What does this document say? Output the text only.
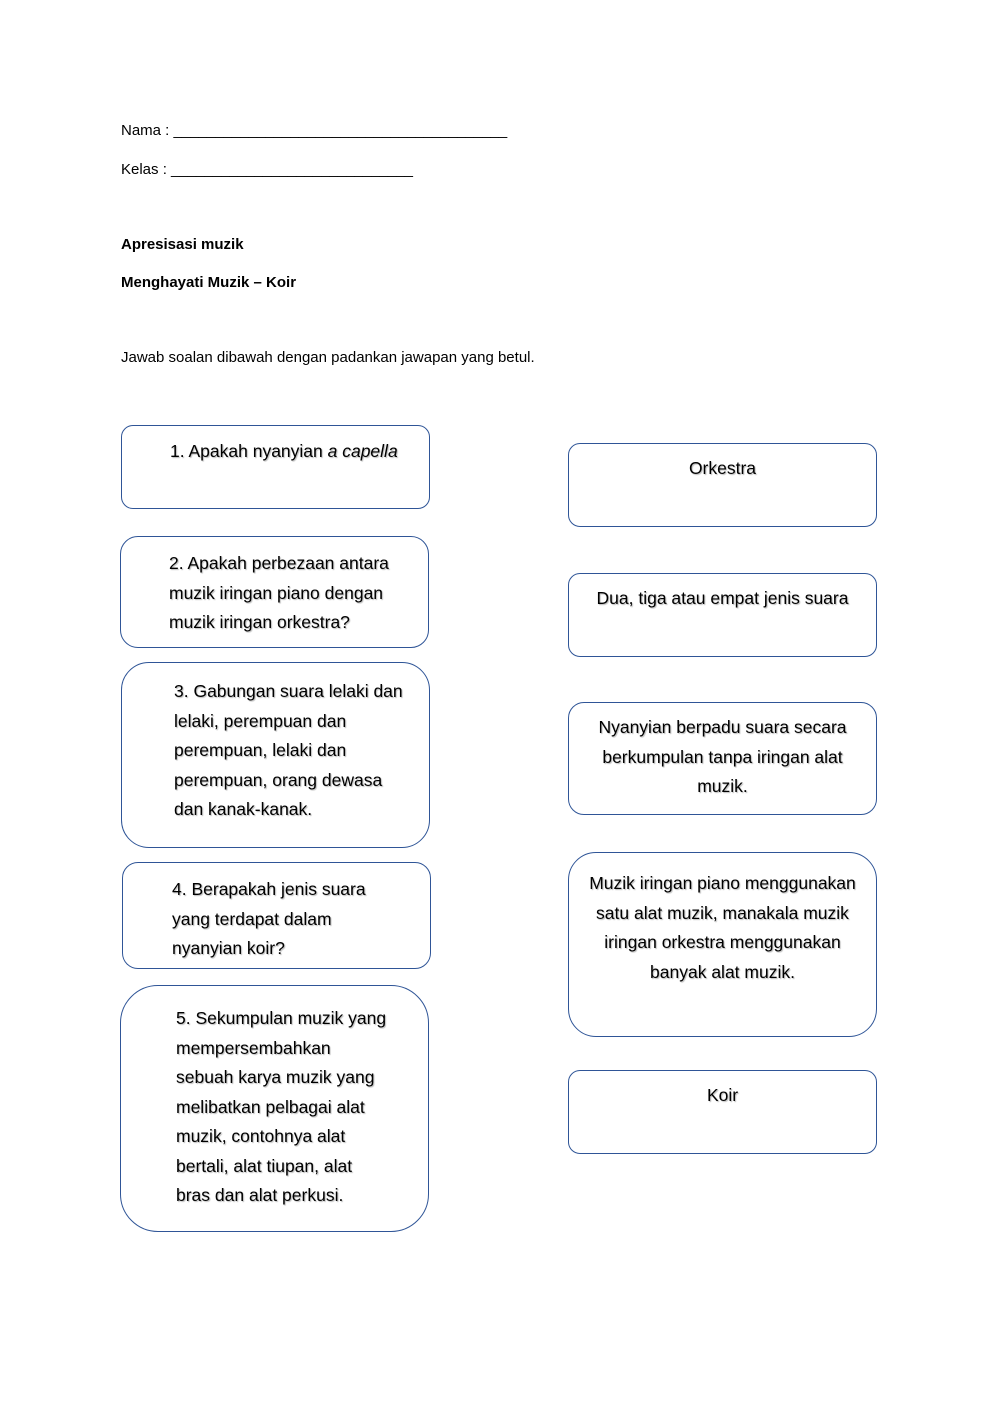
Nama : ________________________________________
Kelas : _____________________________
Apresisasi muzik
Menghayati Muzik – Koir
Jawab soalan dibawah dengan padankan jawapan yang betul.

1. Apakah nyanyian a capella

2. Apakah perbezaan antara muzik iringan piano dengan muzik iringan orkestra?

3. Gabungan suara lelaki dan lelaki, perempuan dan perempuan, lelaki dan perempuan, orang dewasa dan kanak-kanak.

4. Berapakah jenis suara yang terdapat dalam nyanyian koir?

5. Sekumpulan muzik yang mempersembahkan sebuah karya muzik yang melibatkan pelbagai alat muzik, contohnya alat bertali, alat tiupan, alat bras dan alat perkusi.

Orkestra

Dua, tiga atau empat jenis suara

Nyanyian berpadu suara secara berkumpulan tanpa iringan alat muzik.

Muzik iringan piano menggunakan satu alat muzik, manakala muzik iringan orkestra menggunakan banyak alat muzik.

Koir
